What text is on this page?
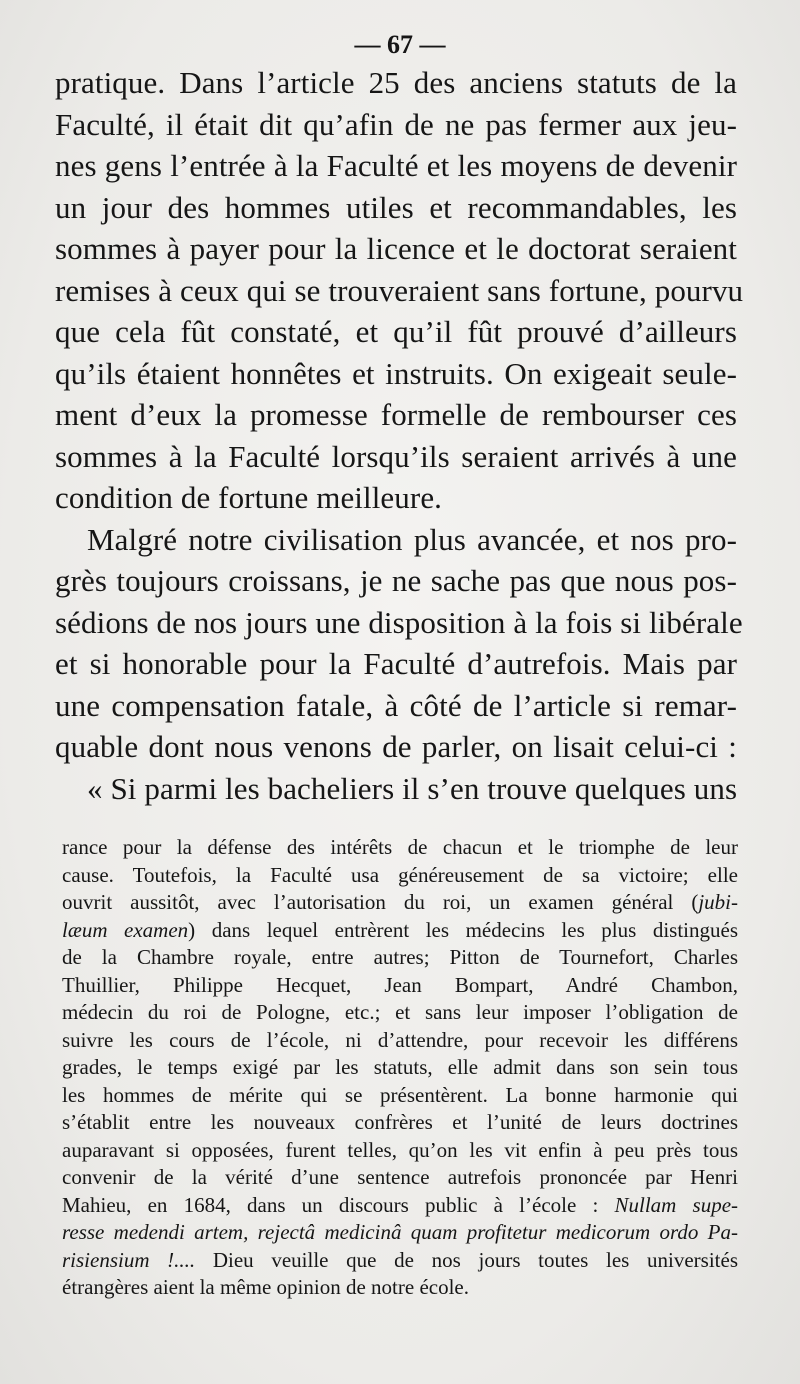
— 67 —
pratique. Dans l’article 25 des anciens statuts de la
Faculté, il était dit qu’afin de ne pas fermer aux jeu-
nes gens l’entrée à la Faculté et les moyens de devenir
un jour des hommes utiles et recommandables, les
sommes à payer pour la licence et le doctorat seraient
remises à ceux qui se trouveraient sans fortune, pourvu
que cela fût constaté, et qu’il fût prouvé d’ailleurs
qu’ils étaient honnêtes et instruits. On exigeait seule-
ment d’eux la promesse formelle de rembourser ces
sommes à la Faculté lorsqu’ils seraient arrivés à une
condition de fortune meilleure.
Malgré notre civilisation plus avancée, et nos pro-
grès toujours croissans, je ne sache pas que nous pos-
sédions de nos jours une disposition à la fois si libérale
et si honorable pour la Faculté d’autrefois. Mais par
une compensation fatale, à côté de l’article si remar-
quable dont nous venons de parler, on lisait celui-ci :
« Si parmi les bacheliers il s’en trouve quelques uns
rance pour la défense des intérêts de chacun et le triomphe de leur
cause. Toutefois, la Faculté usa généreusement de sa victoire; elle
ouvrit aussitôt, avec l’autorisation du roi, un examen général (jubi-
læum examen) dans lequel entrèrent les médecins les plus distingués
de la Chambre royale, entre autres; Pitton de Tournefort, Charles
Thuillier, Philippe Hecquet, Jean Bompart, André Chambon,
médecin du roi de Pologne, etc.; et sans leur imposer l’obligation de
suivre les cours de l’école, ni d’attendre, pour recevoir les différens
grades, le temps exigé par les statuts, elle admit dans son sein tous
les hommes de mérite qui se présentèrent. La bonne harmonie qui
s’établit entre les nouveaux confrères et l’unité de leurs doctrines
auparavant si opposées, furent telles, qu’on les vit enfin à peu près tous
convenir de la vérité d’une sentence autrefois prononcée par Henri
Mahieu, en 1684, dans un discours public à l’école : Nullam supe-
resse medendi artem, rejectâ medicinâ quam profitetur medicorum ordo Pa-
risiensium !.... Dieu veuille que de nos jours toutes les universités
étrangères aient la même opinion de notre école.
